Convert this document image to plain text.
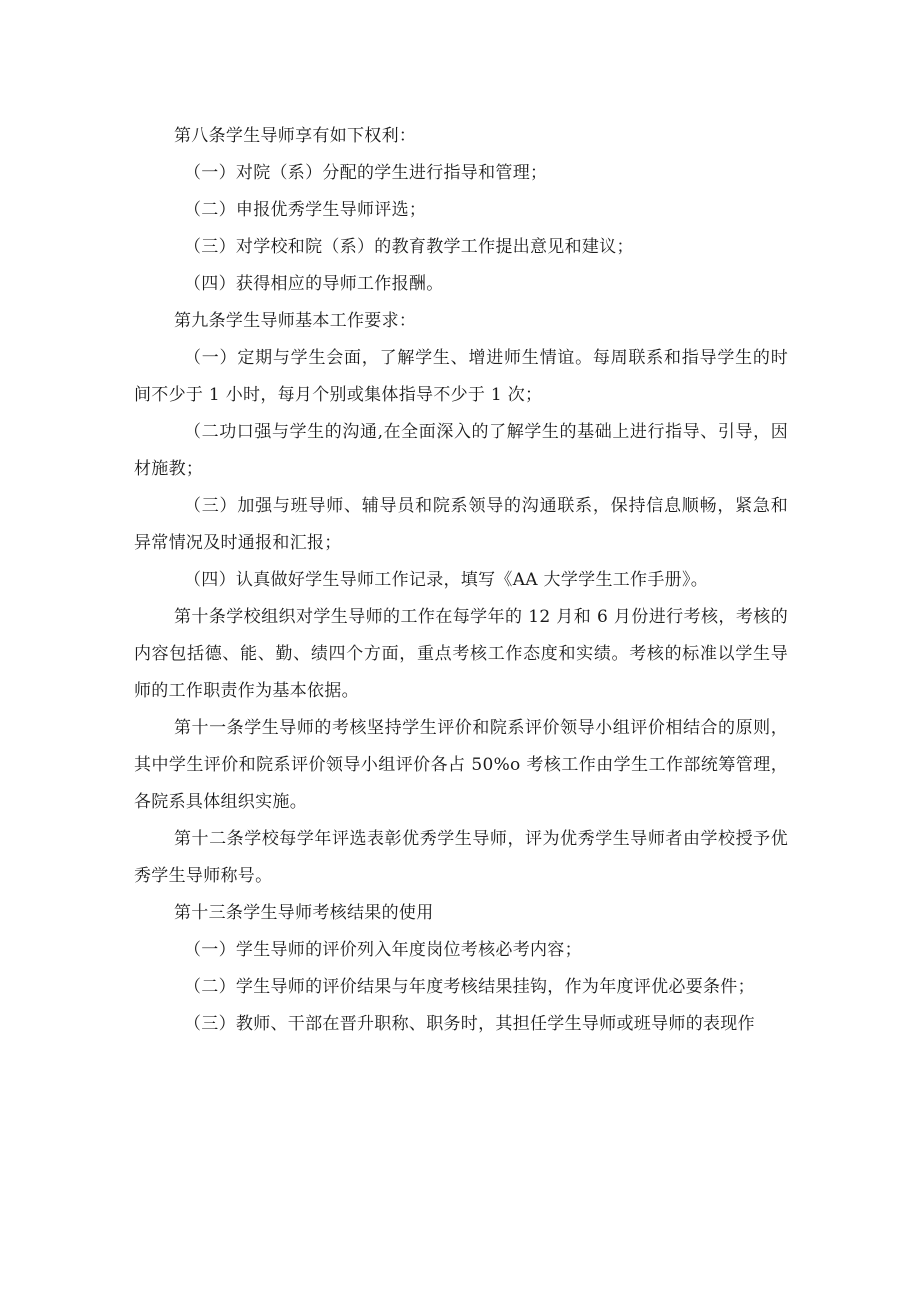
第八条学生导师享有如下权利：

（一）对院（系）分配的学生进行指导和管理；

（二）申报优秀学生导师评选；

（三）对学校和院（系）的教育教学工作提出意见和建议；

（四）获得相应的导师工作报酬。

第九条学生导师基本工作要求：

（一）定期与学生会面，了解学生、增进师生情谊。每周联系和指导学生的时间不少于 1 小时，每月个别或集体指导不少于 1 次；

（二功口强与学生的沟通,在全面深入的了解学生的基础上进行指导、引导，因材施教；

（三）加强与班导师、辅导员和院系领导的沟通联系，保持信息顺畅，紧急和异常情况及时通报和汇报；

（四）认真做好学生导师工作记录，填写《AA 大学学生工作手册》。

第十条学校组织对学生导师的工作在每学年的 12 月和 6 月份进行考核，考核的内容包括德、能、勤、绩四个方面，重点考核工作态度和实绩。考核的标准以学生导师的工作职责作为基本依据。

第十一条学生导师的考核坚持学生评价和院系评价领导小组评价相结合的原则，其中学生评价和院系评价领导小组评价各占 50%o 考核工作由学生工作部统筹管理，各院系具体组织实施。

第十二条学校每学年评选表彰优秀学生导师，评为优秀学生导师者由学校授予优秀学生导师称号。

第十三条学生导师考核结果的使用

（一）学生导师的评价列入年度岗位考核必考内容；

（二）学生导师的评价结果与年度考核结果挂钩，作为年度评优必要条件；

（三）教师、干部在晋升职称、职务时，其担任学生导师或班导师的表现作
